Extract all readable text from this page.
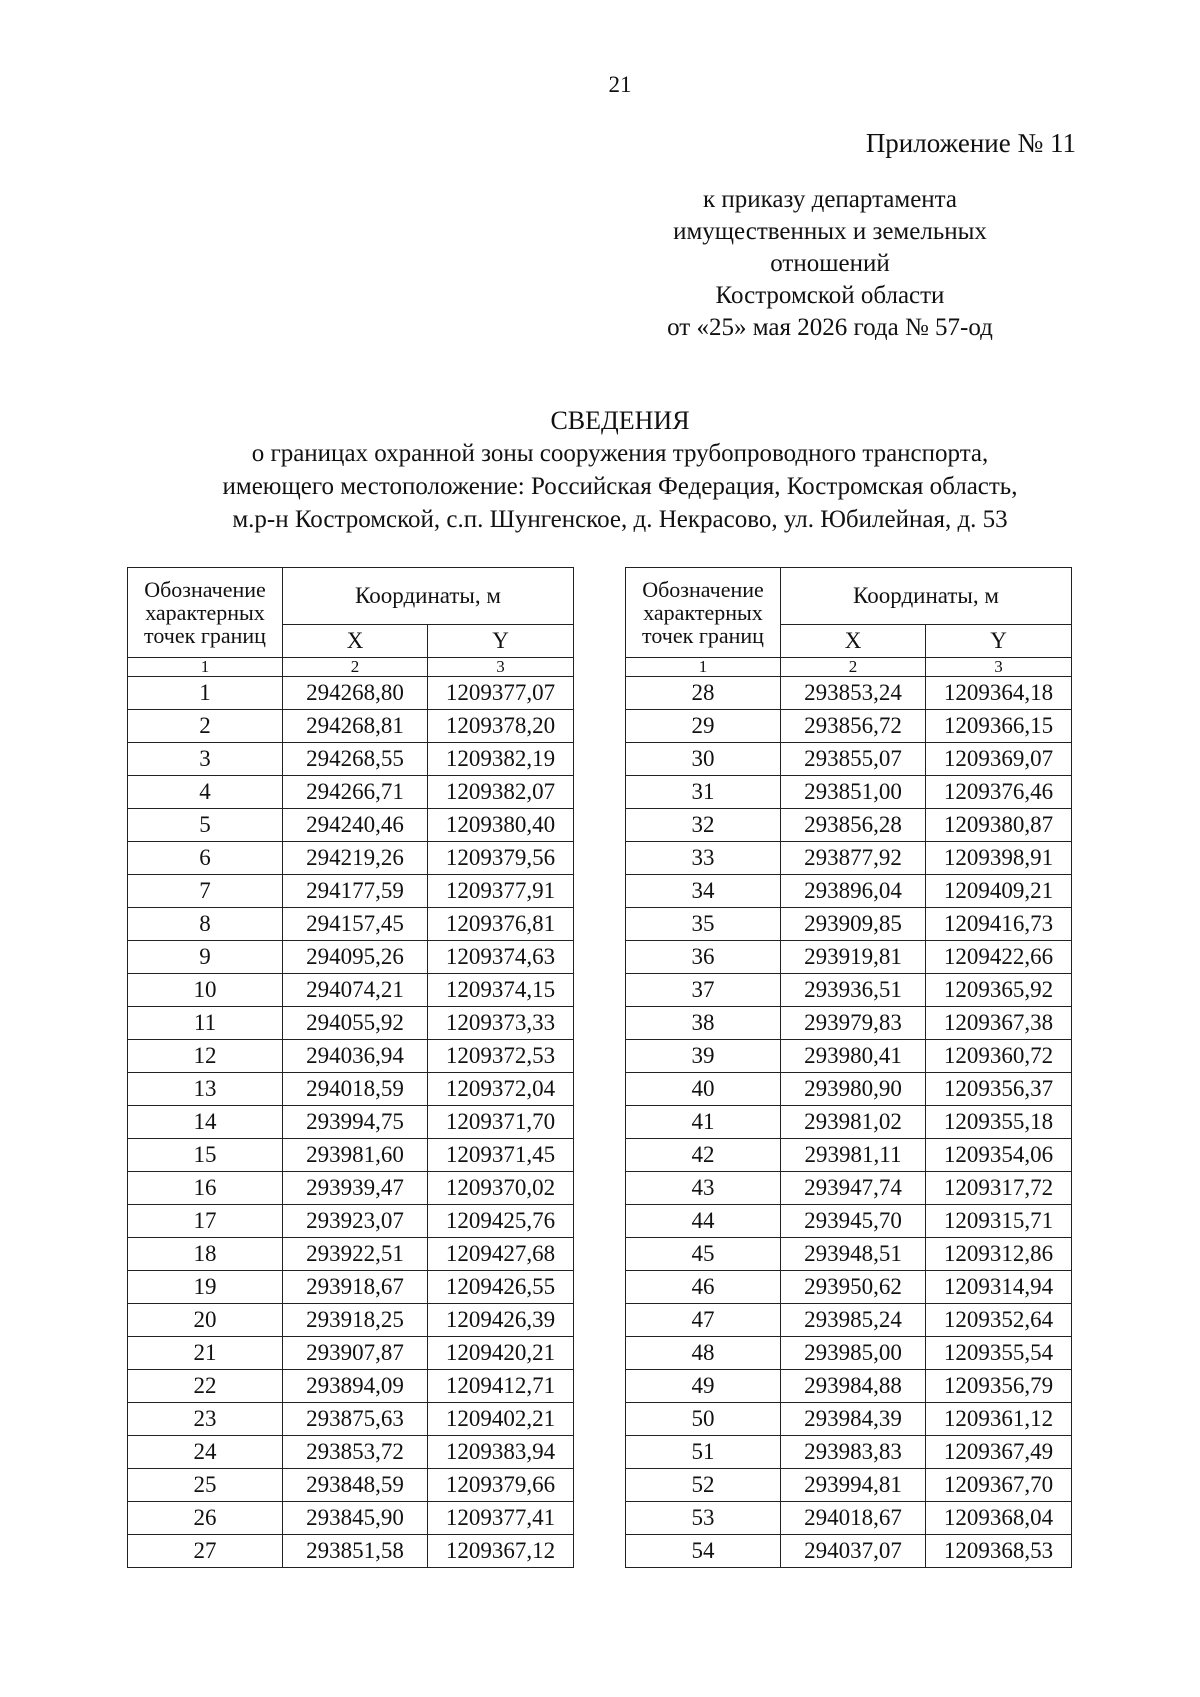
21
Приложение № 11
к приказу департамента
имущественных и земельных
отношений
Костромской области
от «25» мая 2026 года № 57-од
СВЕДЕНИЯ
о границах охранной зоны сооружения трубопроводного транспорта,
имеющего местоположение: Российская Федерация, Костромская область,
м.р-н Костромской, с.п. Шунгенское, д. Некрасово, ул. Юбилейная, д. 53
Обозначение характерных точек границ	Координаты, м	
	X	Y
1	2	3
1	294268,80	1209377,07
2	294268,81	1209378,20
3	294268,55	1209382,19
4	294266,71	1209382,07
5	294240,46	1209380,40
6	294219,26	1209379,56
7	294177,59	1209377,91
8	294157,45	1209376,81
9	294095,26	1209374,63
10	294074,21	1209374,15
11	294055,92	1209373,33
12	294036,94	1209372,53
13	294018,59	1209372,04
14	293994,75	1209371,70
15	293981,60	1209371,45
16	293939,47	1209370,02
17	293923,07	1209425,76
18	293922,51	1209427,68
19	293918,67	1209426,55
20	293918,25	1209426,39
21	293907,87	1209420,21
22	293894,09	1209412,71
23	293875,63	1209402,21
24	293853,72	1209383,94
25	293848,59	1209379,66
26	293845,90	1209377,41
27	293851,58	1209367,12
Обозначение характерных точек границ	Координаты, м	
	X	Y
1	2	3
28	293853,24	1209364,18
29	293856,72	1209366,15
30	293855,07	1209369,07
31	293851,00	1209376,46
32	293856,28	1209380,87
33	293877,92	1209398,91
34	293896,04	1209409,21
35	293909,85	1209416,73
36	293919,81	1209422,66
37	293936,51	1209365,92
38	293979,83	1209367,38
39	293980,41	1209360,72
40	293980,90	1209356,37
41	293981,02	1209355,18
42	293981,11	1209354,06
43	293947,74	1209317,72
44	293945,70	1209315,71
45	293948,51	1209312,86
46	293950,62	1209314,94
47	293985,24	1209352,64
48	293985,00	1209355,54
49	293984,88	1209356,79
50	293984,39	1209361,12
51	293983,83	1209367,49
52	293994,81	1209367,70
53	294018,67	1209368,04
54	294037,07	1209368,53
